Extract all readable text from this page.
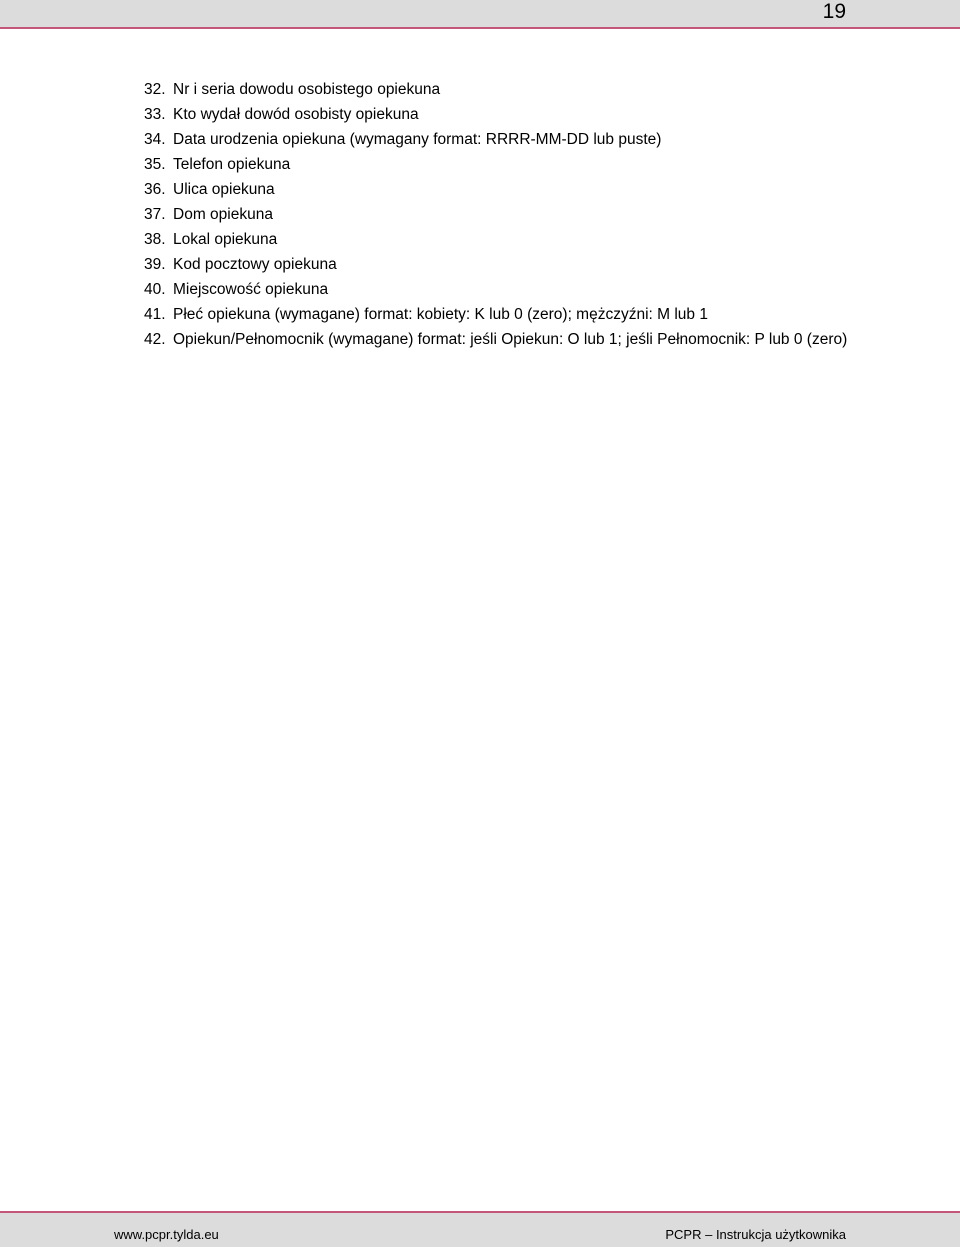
19
32. Nr i seria dowodu osobistego opiekuna
33. Kto wydał dowód osobisty opiekuna
34. Data urodzenia opiekuna (wymagany format: RRRR-MM-DD lub puste)
35. Telefon opiekuna
36. Ulica opiekuna
37. Dom opiekuna
38. Lokal opiekuna
39. Kod pocztowy opiekuna
40. Miejscowość opiekuna
41. Płeć opiekuna (wymagane) format: kobiety: K lub 0 (zero); mężczyźni: M lub 1
42. Opiekun/Pełnomocnik (wymagane) format: jeśli Opiekun: O lub 1; jeśli Pełnomocnik: P lub 0 (zero)
www.pcpr.tylda.eu	PCPR – Instrukcja użytkownika
